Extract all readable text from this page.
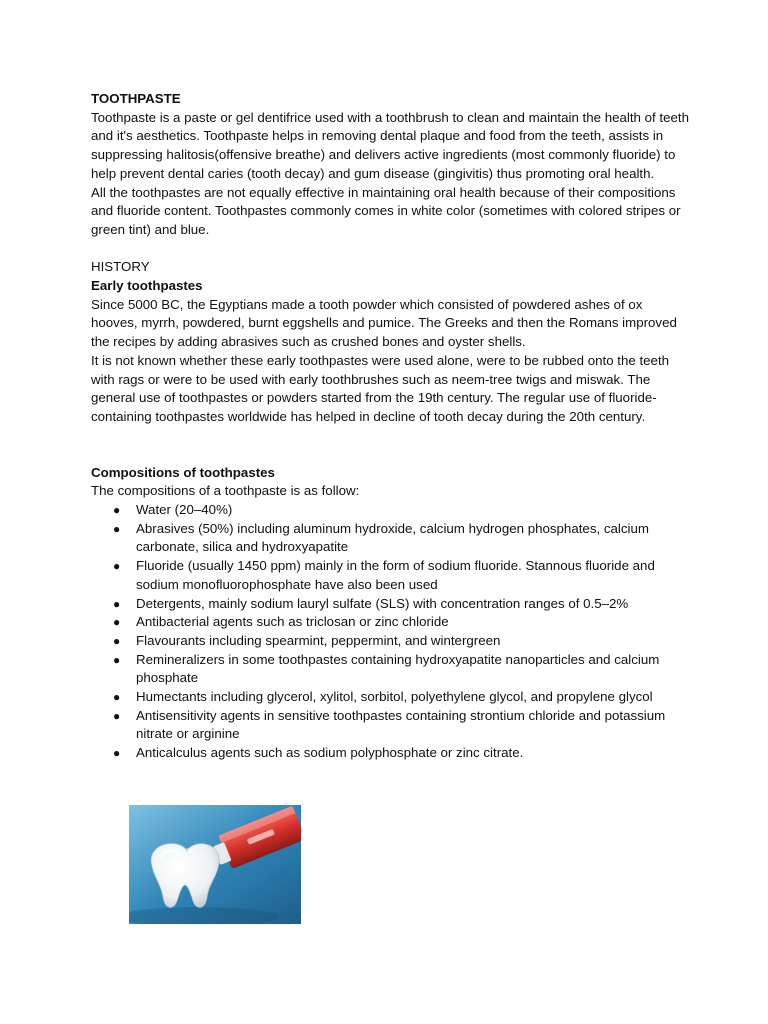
TOOTHPASTE

Toothpaste is a paste or gel dentifrice used with a toothbrush to clean and maintain the health of teeth and it's aesthetics. Toothpaste helps in removing dental plaque and food from the teeth, assists in suppressing halitosis(offensive breathe) and delivers active ingredients (most commonly fluoride) to help prevent dental caries (tooth decay) and gum disease (gingivitis) thus promoting oral health.

All the toothpastes are not equally effective in maintaining oral health because of their compositions and fluoride content. Toothpastes commonly comes in white color (sometimes with colored stripes or green tint) and blue.

HISTORY

Early toothpastes

Since 5000 BC, the Egyptians made a tooth powder which consisted of powdered ashes of ox hooves, myrrh, powdered, burnt eggshells and pumice. The Greeks and then the Romans improved the recipes by adding abrasives such as crushed bones and oyster shells.

It is not known whether these early toothpastes were used alone, were to be rubbed onto the teeth with rags or were to be used with early toothbrushes such as neem-tree twigs and miswak. The general use of toothpastes or powders started from the 19th century. The regular use of fluoride-containing toothpastes worldwide has helped in decline of tooth decay during the 20th century.

Compositions of toothpastes

The compositions of a toothpaste is as follow:

● Water (20–40%)
● Abrasives (50%) including aluminum hydroxide, calcium hydrogen phosphates, calcium carbonate, silica and hydroxyapatite
● Fluoride (usually 1450 ppm) mainly in the form of sodium fluoride. Stannous fluoride and sodium monofluorophosphate have also been used
● Detergents, mainly sodium lauryl sulfate (SLS) with concentration ranges of 0.5–2%
● Antibacterial agents such as triclosan or zinc chloride
● Flavourants including spearmint, peppermint, and wintergreen
● Remineralizers in some toothpastes containing hydroxyapatite nanoparticles and calcium phosphate
● Humectants including glycerol, xylitol, sorbitol, polyethylene glycol, and propylene glycol
● Antisensitivity agents in sensitive toothpastes containing strontium chloride and potassium nitrate or arginine
● Anticalculus agents such as sodium polyphosphate or zinc citrate.
